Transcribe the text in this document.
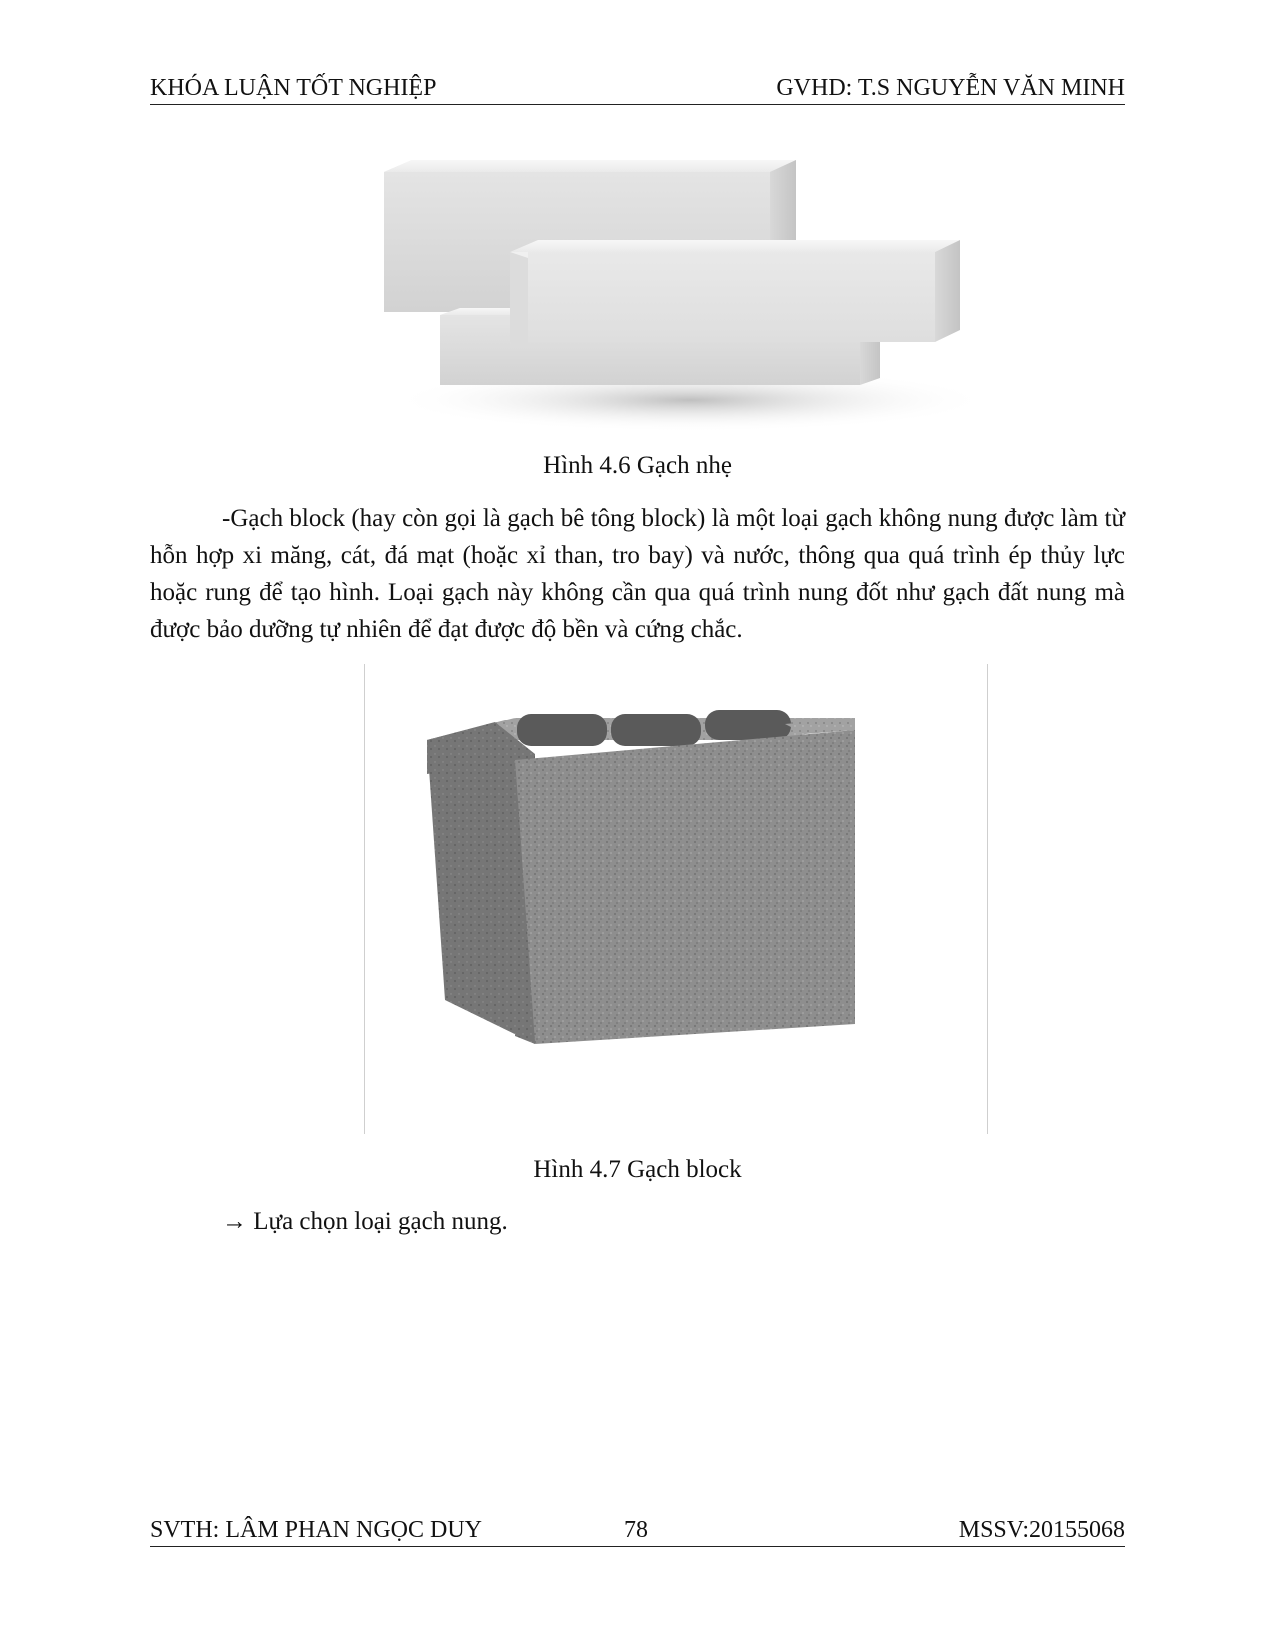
KHÓA LUẬN TỐT NGHIỆP	GVHD: T.S NGUYỄN VĂN MINH
Hình 4.6 Gạch nhẹ
-Gạch block (hay còn gọi là gạch bê tông block) là một loại gạch không nung được làm từ hỗn hợp xi măng, cát, đá mạt (hoặc xỉ than, tro bay) và nước, thông qua quá trình ép thủy lực hoặc rung để tạo hình. Loại gạch này không cần qua quá trình nung đốt như gạch đất nung mà được bảo dưỡng tự nhiên để đạt được độ bền và cứng chắc.
Hình 4.7 Gạch block
→ Lựa chọn loại gạch nung.
SVTH: LÂM PHAN NGỌC DUY	78	MSSV:20155068
